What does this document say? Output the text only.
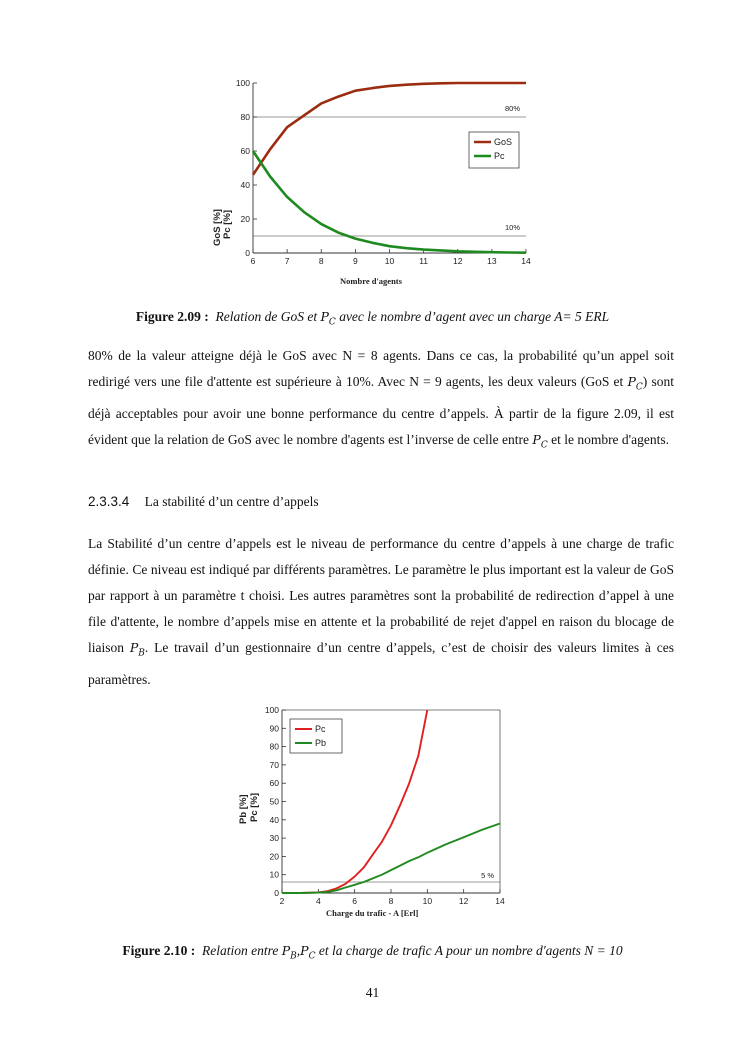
GoS [%] Pc [%]
Nombre d'agents
80%
10%
6	7	8	9	10	11	12	13	14
0
20
40
60
80
100
GoS
Pc
Figure 2.09 : Relation de GoS et $P_C$ avec le nombre d’agent avec un charge A= 5 ERL
80% de la valeur atteigne déjà le GoS avec N = 8 agents. Dans ce cas, la probabilité qu’un appel soit redirigé vers une file d'attente est supérieure à 10%. Avec N = 9 agents, les deux valeurs (GoS et $P_C$) sont déjà acceptables pour avoir une bonne performance du centre d’appels. À partir de la figure 2.09, il est évident que la relation de GoS avec le nombre d'agents est l’inverse de celle entre $P_C$ et le nombre d'agents.
2.3.3.4 La stabilité d’un centre d’appels
La Stabilité d’un centre d’appels est le niveau de performance du centre d’appels à une charge de trafic définie. Ce niveau est indiqué par différents paramètres. Le paramètre le plus important est la valeur de GoS par rapport à un paramètre t choisi. Les autres paramètres sont la probabilité de redirection d’appel à une file d'attente, le nombre d’appels mise en attente et la probabilité de rejet d'appel en raison du blocage de liaison $P_B$. Le travail d’un gestionnaire d’un centre d’appels, c’est de choisir des valeurs limites à ces paramètres.
Pb [%] Pc [%]
Charge du trafic - A [Erl]
5 %
2	4	6	8	10	12	14
0
10
20
30
40
50
60
70
80
90
100
Pc
Pb
Figure 2.10 : Relation entre $P_B,P_C$ et la charge de trafic A pour un nombre d'agents N = 10
41
